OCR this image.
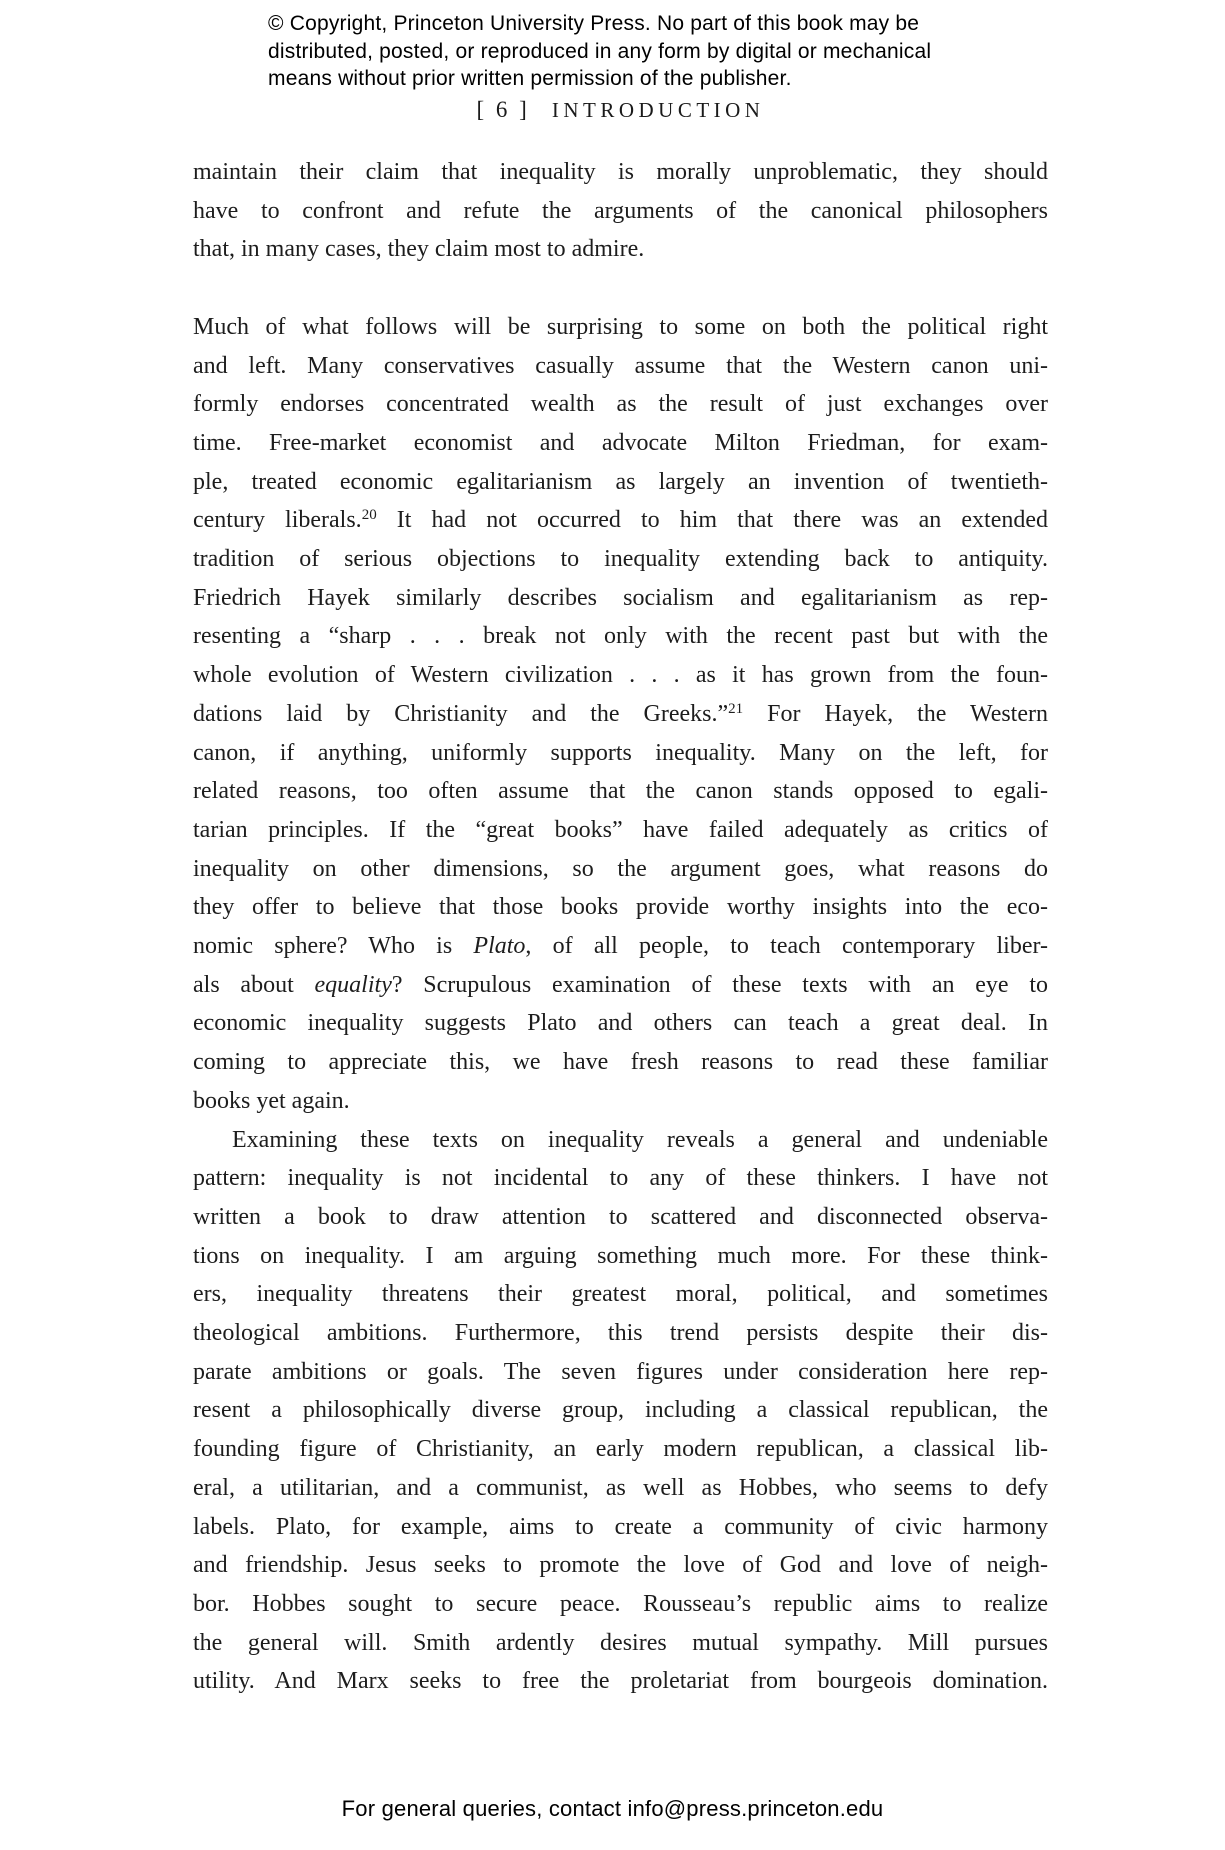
© Copyright, Princeton University Press. No part of this book may be
distributed, posted, or reproduced in any form by digital or mechanical
means without prior written permission of the publisher.
[ 6 ] INTRODUCTION
maintain their claim that inequality is morally unproblematic, they should
have to confront and refute the arguments of the canonical philosophers
that, in many cases, they claim most to admire.
Much of what follows will be surprising to some on both the political right
and left. Many conservatives casually assume that the Western canon uni-
formly endorses concentrated wealth as the result of just exchanges over
time. Free-market economist and advocate Milton Friedman, for exam-
ple, treated economic egalitarianism as largely an invention of twentieth-
century liberals.$^{20}$ It had not occurred to him that there was an extended
tradition of serious objections to inequality extending back to antiquity.
Friedrich Hayek similarly describes socialism and egalitarianism as rep-
resenting a “sharp . . . break not only with the recent past but with the
whole evolution of Western civilization . . . as it has grown from the foun-
dations laid by Christianity and the Greeks.”$^{21}$ For Hayek, the Western
canon, if anything, uniformly supports inequality. Many on the left, for
related reasons, too often assume that the canon stands opposed to egali-
tarian principles. If the “great books” have failed adequately as critics of
inequality on other dimensions, so the argument goes, what reasons do
they offer to believe that those books provide worthy insights into the eco-
nomic sphere? Who is Plato, of all people, to teach contemporary liber-
als about equality? Scrupulous examination of these texts with an eye to
economic inequality suggests Plato and others can teach a great deal. In
coming to appreciate this, we have fresh reasons to read these familiar
books yet again.
Examining these texts on inequality reveals a general and undeniable
pattern: inequality is not incidental to any of these thinkers. I have not
written a book to draw attention to scattered and disconnected observa-
tions on inequality. I am arguing something much more. For these think-
ers, inequality threatens their greatest moral, political, and sometimes
theological ambitions. Furthermore, this trend persists despite their dis-
parate ambitions or goals. The seven figures under consideration here rep-
resent a philosophically diverse group, including a classical republican, the
founding figure of Christianity, an early modern republican, a classical lib-
eral, a utilitarian, and a communist, as well as Hobbes, who seems to defy
labels. Plato, for example, aims to create a community of civic harmony
and friendship. Jesus seeks to promote the love of God and love of neigh-
bor. Hobbes sought to secure peace. Rousseau’s republic aims to realize
the general will. Smith ardently desires mutual sympathy. Mill pursues
utility. And Marx seeks to free the proletariat from bourgeois domination.
For general queries, contact info@press.princeton.edu
